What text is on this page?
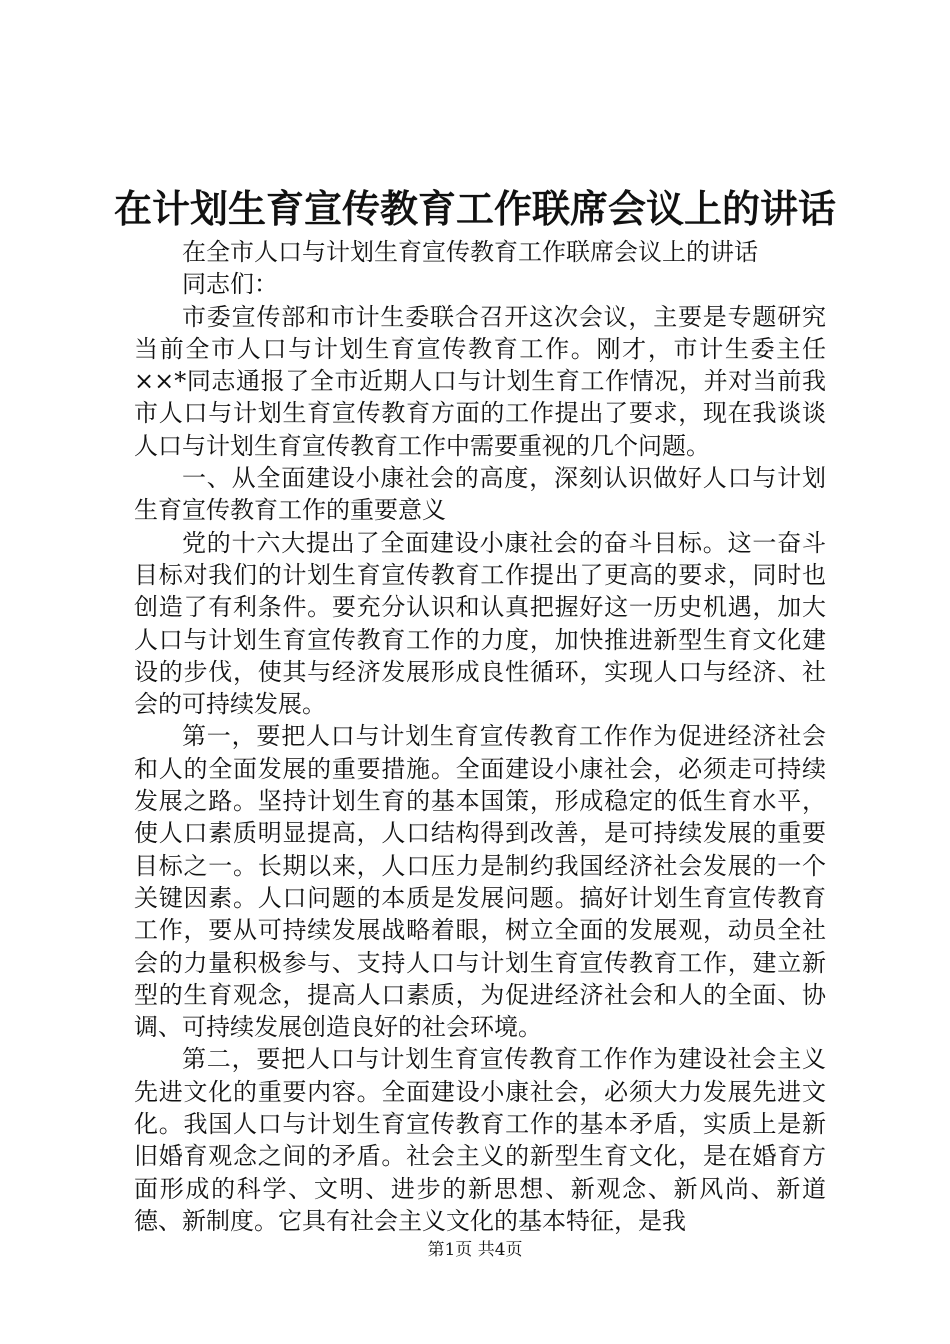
在计划生育宣传教育工作联席会议上的讲话

在全市人口与计划生育宣传教育工作联席会议上的讲话

同志们：

市委宣传部和市计生委联合召开这次会议，主要是专题研究当前全市人口与计划生育宣传教育工作。刚才，市计生委主任××*同志通报了全市近期人口与计划生育工作情况，并对当前我市人口与计划生育宣传教育方面的工作提出了要求，现在我谈谈人口与计划生育宣传教育工作中需要重视的几个问题。

一、从全面建设小康社会的高度，深刻认识做好人口与计划生育宣传教育工作的重要意义

党的十六大提出了全面建设小康社会的奋斗目标。这一奋斗目标对我们的计划生育宣传教育工作提出了更高的要求，同时也创造了有利条件。要充分认识和认真把握好这一历史机遇，加大人口与计划生育宣传教育工作的力度，加快推进新型生育文化建设的步伐，使其与经济发展形成良性循环，实现人口与经济、社会的可持续发展。

第一，要把人口与计划生育宣传教育工作作为促进经济社会和人的全面发展的重要措施。全面建设小康社会，必须走可持续发展之路。坚持计划生育的基本国策，形成稳定的低生育水平，使人口素质明显提高，人口结构得到改善，是可持续发展的重要目标之一。长期以来，人口压力是制约我国经济社会发展的一个关键因素。人口问题的本质是发展问题。搞好计划生育宣传教育工作，要从可持续发展战略着眼，树立全面的发展观，动员全社会的力量积极参与、支持人口与计划生育宣传教育工作，建立新型的生育观念，提高人口素质，为促进经济社会和人的全面、协调、可持续发展创造良好的社会环境。

第二，要把人口与计划生育宣传教育工作作为建设社会主义先进文化的重要内容。全面建设小康社会，必须大力发展先进文化。我国人口与计划生育宣传教育工作的基本矛盾，实质上是新旧婚育观念之间的矛盾。社会主义的新型生育文化，是在婚育方面形成的科学、文明、进步的新思想、新观念、新风尚、新道德、新制度。它具有社会主义文化的基本特征，是我

第1页 共4页
